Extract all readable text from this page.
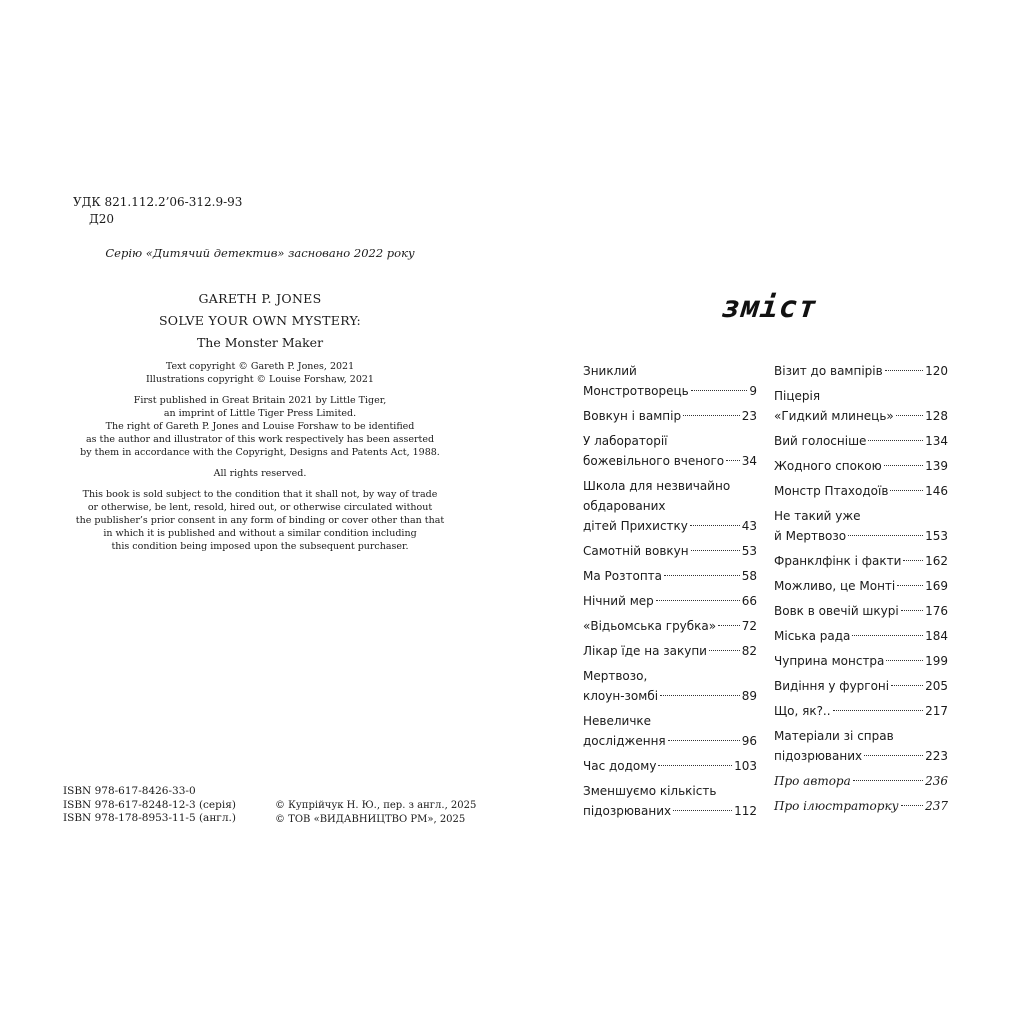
УДК 821.112.2’06-312.9-93
Д20
Серію «Дитячий детектив» засновано 2022 року
GARETH P. JONES
SOLVE YOUR OWN MYSTERY:
The Monster Maker
Text copyright © Gareth P. Jones, 2021
Illustrations copyright © Louise Forshaw, 2021
First published in Great Britain 2021 by Little Tiger,
an imprint of Little Tiger Press Limited.
The right of Gareth P. Jones and Louise Forshaw to be identified
as the author and illustrator of this work respectively has been asserted
by them in accordance with the Copyright, Designs and Patents Act, 1988.
All rights reserved.
This book is sold subject to the condition that it shall not, by way of trade
or otherwise, be lent, resold, hired out, or otherwise circulated without
the publisher’s prior consent in any form of binding or cover other than that
in which it is published and without a similar condition including
this condition being imposed upon the subsequent purchaser.
ISBN 978-617-8426-33-0
ISBN 978-617-8248-12-3 (серія)
ISBN 978-178-8953-11-5 (англ.)
© Купрійчук Н. Ю., пер. з англ., 2025
© ТОВ «ВИДАВНИЦТВО РМ», 2025
зміст
Зниклий
Монстротворець	9
Вовкун і вампір	23
У лабораторії
божевільного вченого 34
Школа для незвичайно
обдарованих
дітей Прихистку	43
Самотній вовкун	53
Ма Розтопта	58
Нічний мер	66
«Відьомська грубка» 72
Лікар їде на закупи	82
Мертвозо,
клоун-зомбі	89
Невеличке
дослідження	96
Час додому	103
Зменшуємо кількість
підозрюваних	112
Візит до вампірів	120
Піцерія
«Гидкий млинець»	128
Вий голосніше	134
Жодного спокою	139
Монстр Птаходоїв	146
Не такий уже
й Мертвозо	153
Франклфінк і факти 162
Можливо, це Монті 169
Вовк в овечій шкурі 176
Міська рада	184
Чуприна монстра	199
Видіння у фургоні	205
Що, як?..	217
Матеріали зі справ
підозрюваних	223
Про автора	236
Про ілюстраторку 237
